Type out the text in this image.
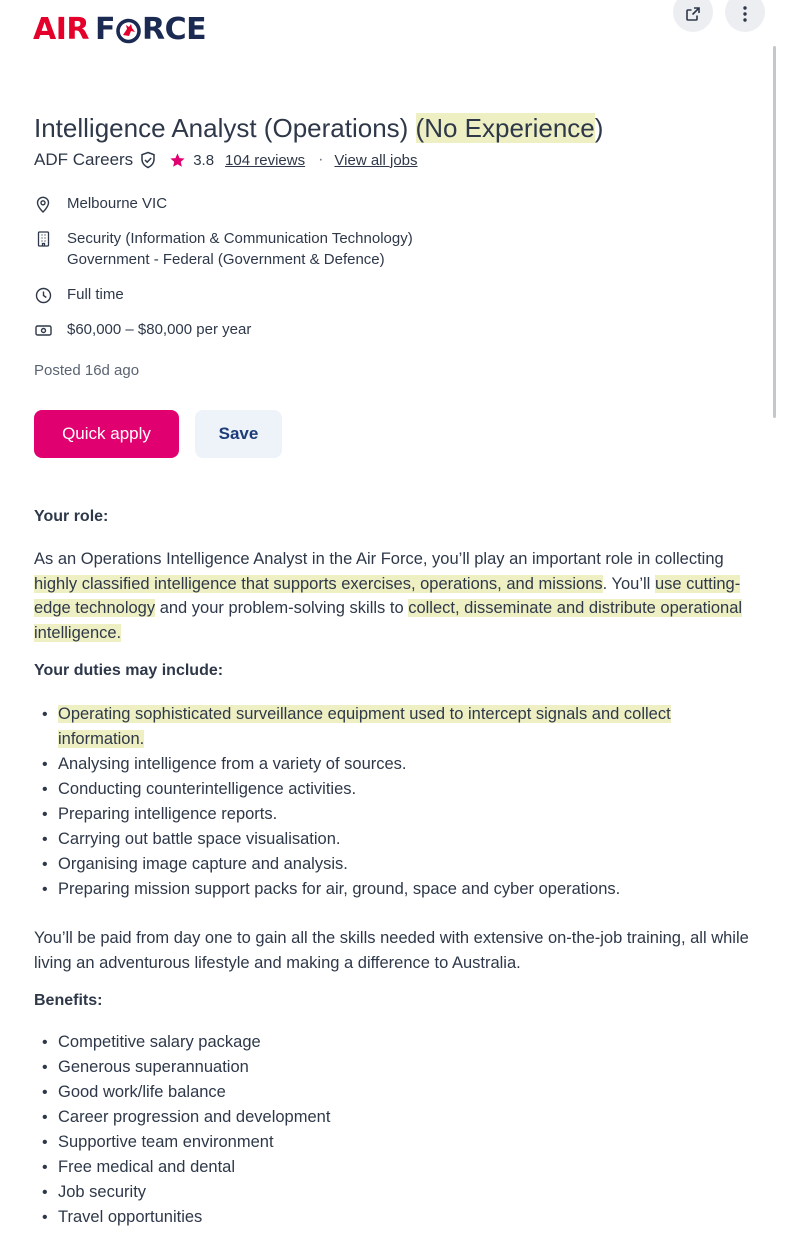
AIR F RCE
Intelligence Analyst (Operations) (No Experience)
ADF Careers	3.8 104 reviews · View all jobs
Melbourne VIC
Security (Information & Communication Technology)
Government - Federal (Government & Defence)
Full time
$60,000 – $80,000 per year
Posted 16d ago
Quick apply	Save
Your role:

As an Operations Intelligence Analyst in the Air Force, you’ll play an important role in collecting highly classified intelligence that supports exercises, operations, and missions. You’ll use cutting-edge technology and your problem-solving skills to collect, disseminate and distribute operational intelligence.

Your duties may include:
• Operating sophisticated surveillance equipment used to intercept signals and collect information.
• Analysing intelligence from a variety of sources.
• Conducting counterintelligence activities.
• Preparing intelligence reports.
• Carrying out battle space visualisation.
• Organising image capture and analysis.
• Preparing mission support packs for air, ground, space and cyber operations.

You’ll be paid from day one to gain all the skills needed with extensive on-the-job training, all while living an adventurous lifestyle and making a difference to Australia.

Benefits:
• Competitive salary package
• Generous superannuation
• Good work/life balance
• Career progression and development
• Supportive team environment
• Free medical and dental
• Job security
• Travel opportunities
